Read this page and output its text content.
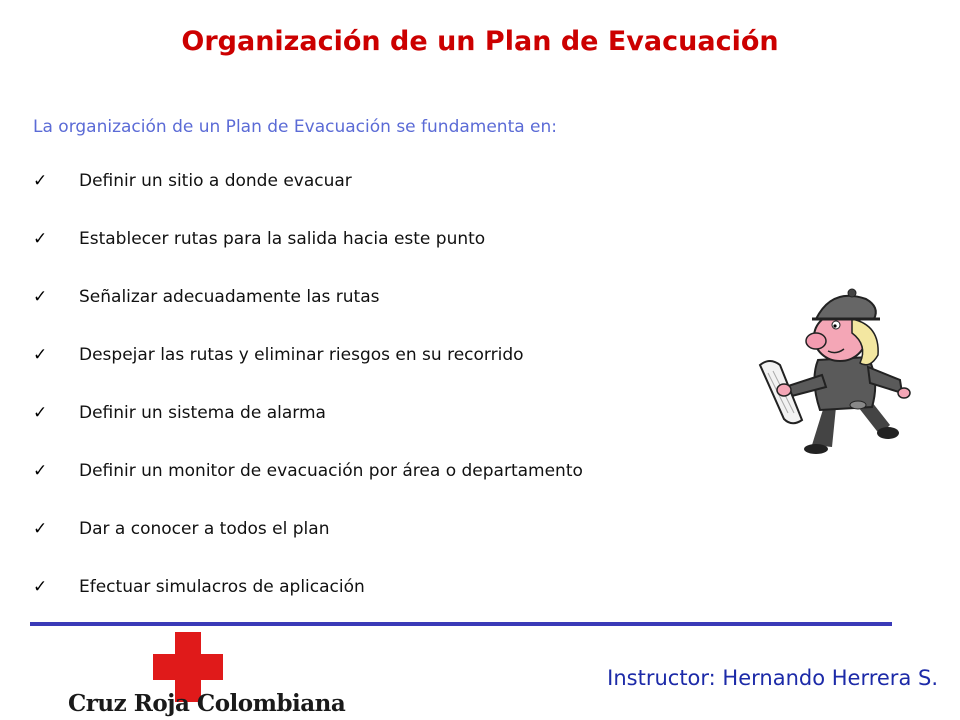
Organización de un Plan de Evacuación
La organización de un Plan de Evacuación se fundamenta en:
✓	Definir un sitio a donde evacuar
✓	Establecer rutas para la salida hacia este punto
✓	Señalizar adecuadamente las rutas
✓	Despejar las rutas y eliminar riesgos en su recorrido
✓	Definir un sistema de alarma
✓	Definir un monitor de evacuación por área o departamento
✓	Dar a conocer a todos el plan
✓	Efectuar simulacros de aplicación
Cruz Roja Colombiana
Instructor: Hernando Herrera S.
